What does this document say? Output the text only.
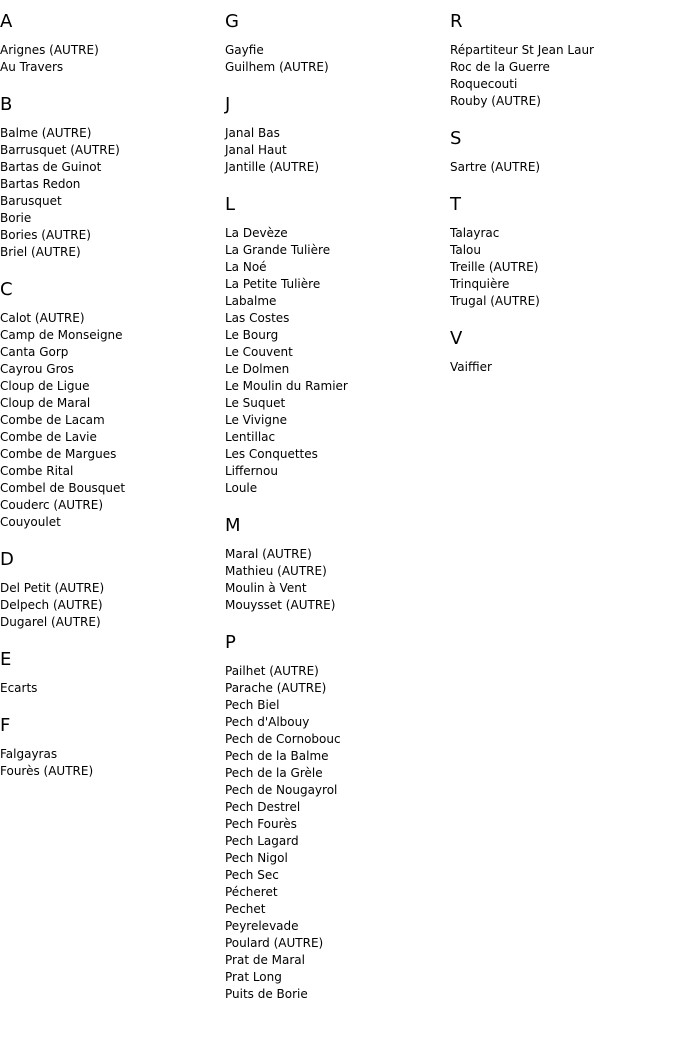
A
Arignes (AUTRE)
Au Travers
B
Balme (AUTRE)
Barrusquet (AUTRE)
Bartas de Guinot
Bartas Redon
Barusquet
Borie
Bories (AUTRE)
Briel (AUTRE)
C
Calot (AUTRE)
Camp de Monseigne
Canta Gorp
Cayrou Gros
Cloup de Ligue
Cloup de Maral
Combe de Lacam
Combe de Lavie
Combe de Margues
Combe Rital
Combel de Bousquet
Couderc (AUTRE)
Couyoulet
D
Del Petit (AUTRE)
Delpech (AUTRE)
Dugarel (AUTRE)
E
Ecarts
F
Falgayras
Fourès (AUTRE)
G
Gayfie
Guilhem (AUTRE)
J
Janal Bas
Janal Haut
Jantille (AUTRE)
L
La Devèze
La Grande Tulière
La Noé
La Petite Tulière
Labalme
Las Costes
Le Bourg
Le Couvent
Le Dolmen
Le Moulin du Ramier
Le Suquet
Le Vivigne
Lentillac
Les Conquettes
Liffernou
Loule
M
Maral (AUTRE)
Mathieu (AUTRE)
Moulin à Vent
Mouysset (AUTRE)
P
Pailhet (AUTRE)
Parache (AUTRE)
Pech Biel
Pech d'Albouy
Pech de Cornobouc
Pech de la Balme
Pech de la Grèle
Pech de Nougayrol
Pech Destrel
Pech Fourès
Pech Lagard
Pech Nigol
Pech Sec
Pécheret
Pechet
Peyrelevade
Poulard (AUTRE)
Prat de Maral
Prat Long
Puits de Borie
R
Répartiteur St Jean Laur
Roc de la Guerre
Roquecouti
Rouby (AUTRE)
S
Sartre (AUTRE)
T
Talayrac
Talou
Treille (AUTRE)
Trinquière
Trugal (AUTRE)
V
Vaiffier
